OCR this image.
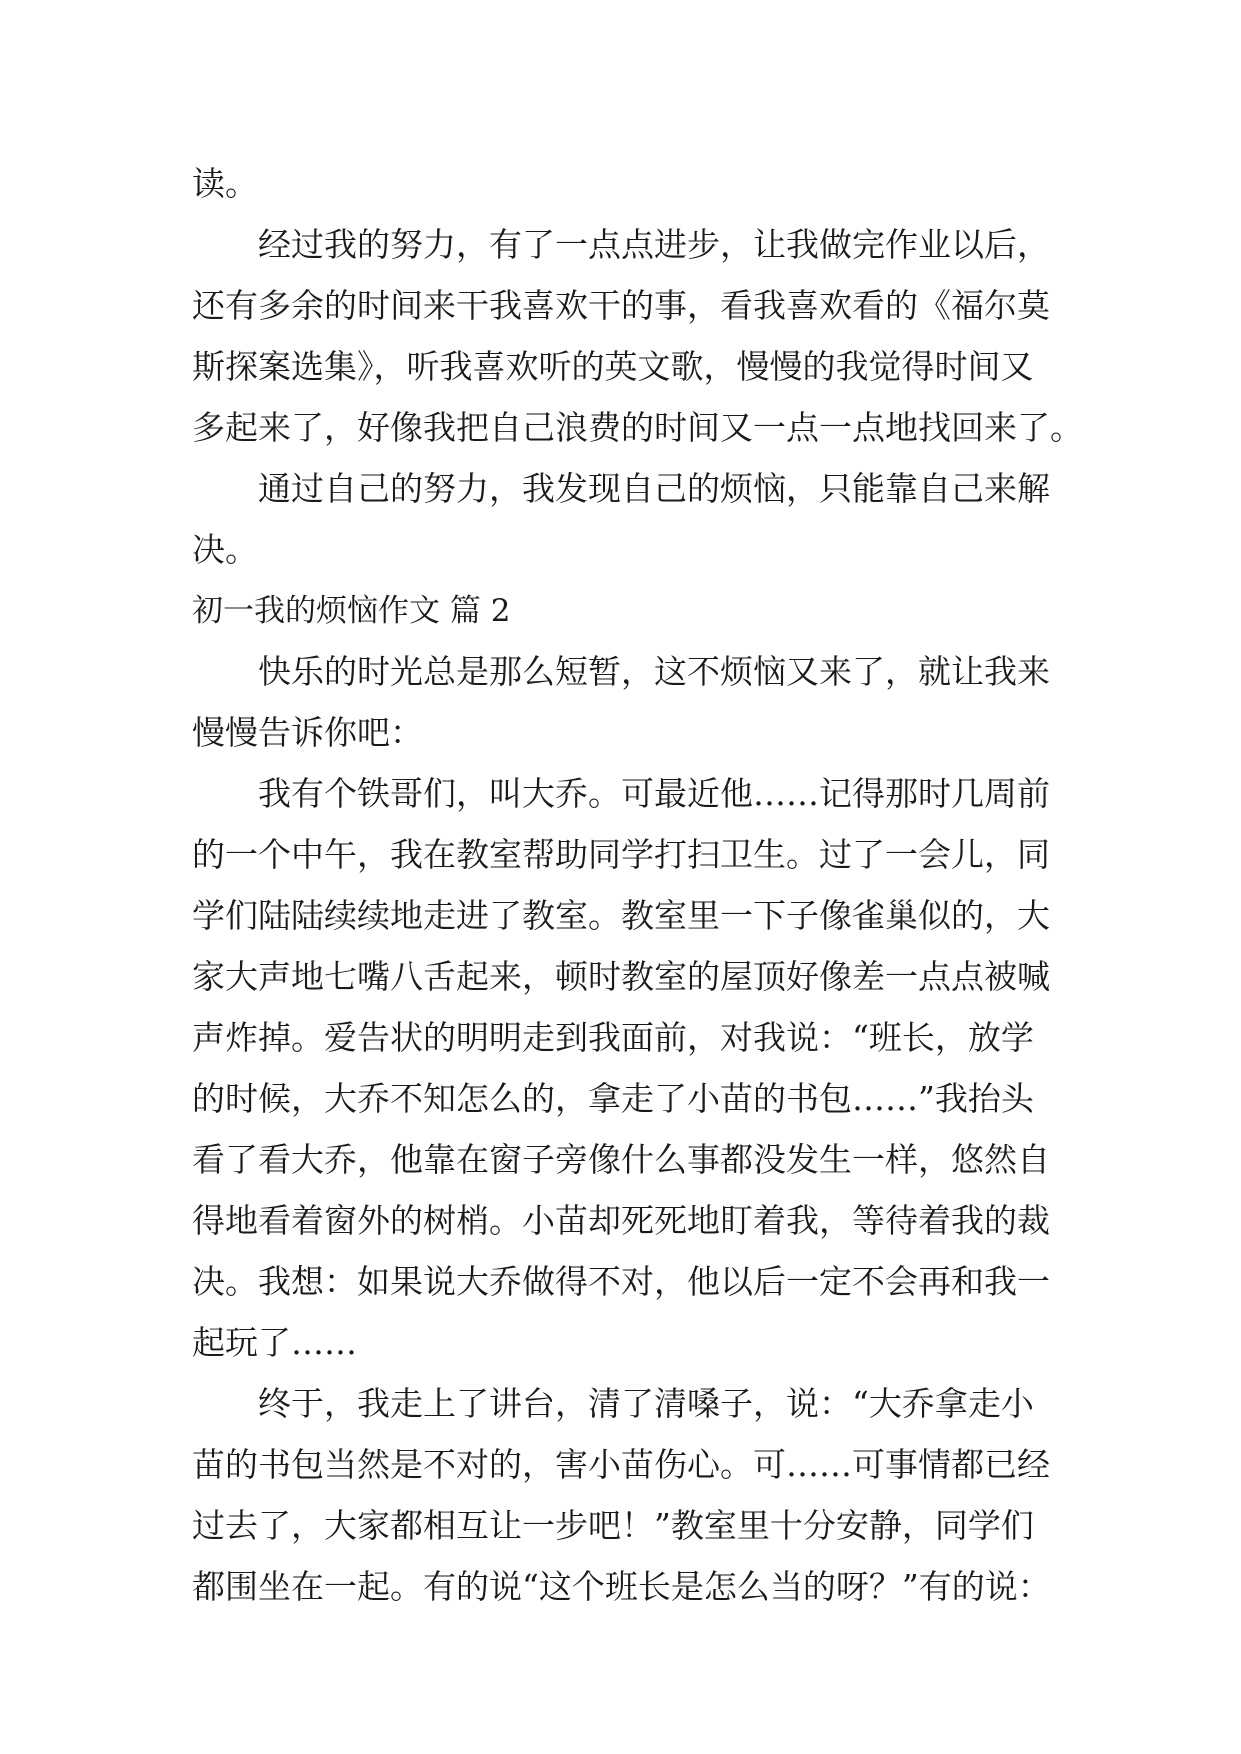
读。
经过我的努力，有了一点点进步，让我做完作业以后，
还有多余的时间来干我喜欢干的事，看我喜欢看的《福尔莫
斯探案选集》，听我喜欢听的英文歌，慢慢的我觉得时间又
多起来了，好像我把自己浪费的时间又一点一点地找回来了。
通过自己的努力，我发现自己的烦恼，只能靠自己来解
决。
初一我的烦恼作文 篇 2
快乐的时光总是那么短暂，这不烦恼又来了，就让我来
慢慢告诉你吧：
我有个铁哥们，叫大乔。可最近他……记得那时几周前
的一个中午，我在教室帮助同学打扫卫生。过了一会儿，同
学们陆陆续续地走进了教室。教室里一下子像雀巢似的，大
家大声地七嘴八舌起来，顿时教室的屋顶好像差一点点被喊
声炸掉。爱告状的明明走到我面前，对我说：“班长，放学
的时候，大乔不知怎么的，拿走了小苗的书包……”我抬头
看了看大乔，他靠在窗子旁像什么事都没发生一样，悠然自
得地看着窗外的树梢。小苗却死死地盯着我，等待着我的裁
决。我想：如果说大乔做得不对，他以后一定不会再和我一
起玩了……
终于，我走上了讲台，清了清嗓子，说：“大乔拿走小
苗的书包当然是不对的，害小苗伤心。可……可事情都已经
过去了，大家都相互让一步吧！”教室里十分安静，同学们
都围坐在一起。有的说“这个班长是怎么当的呀？”有的说：
